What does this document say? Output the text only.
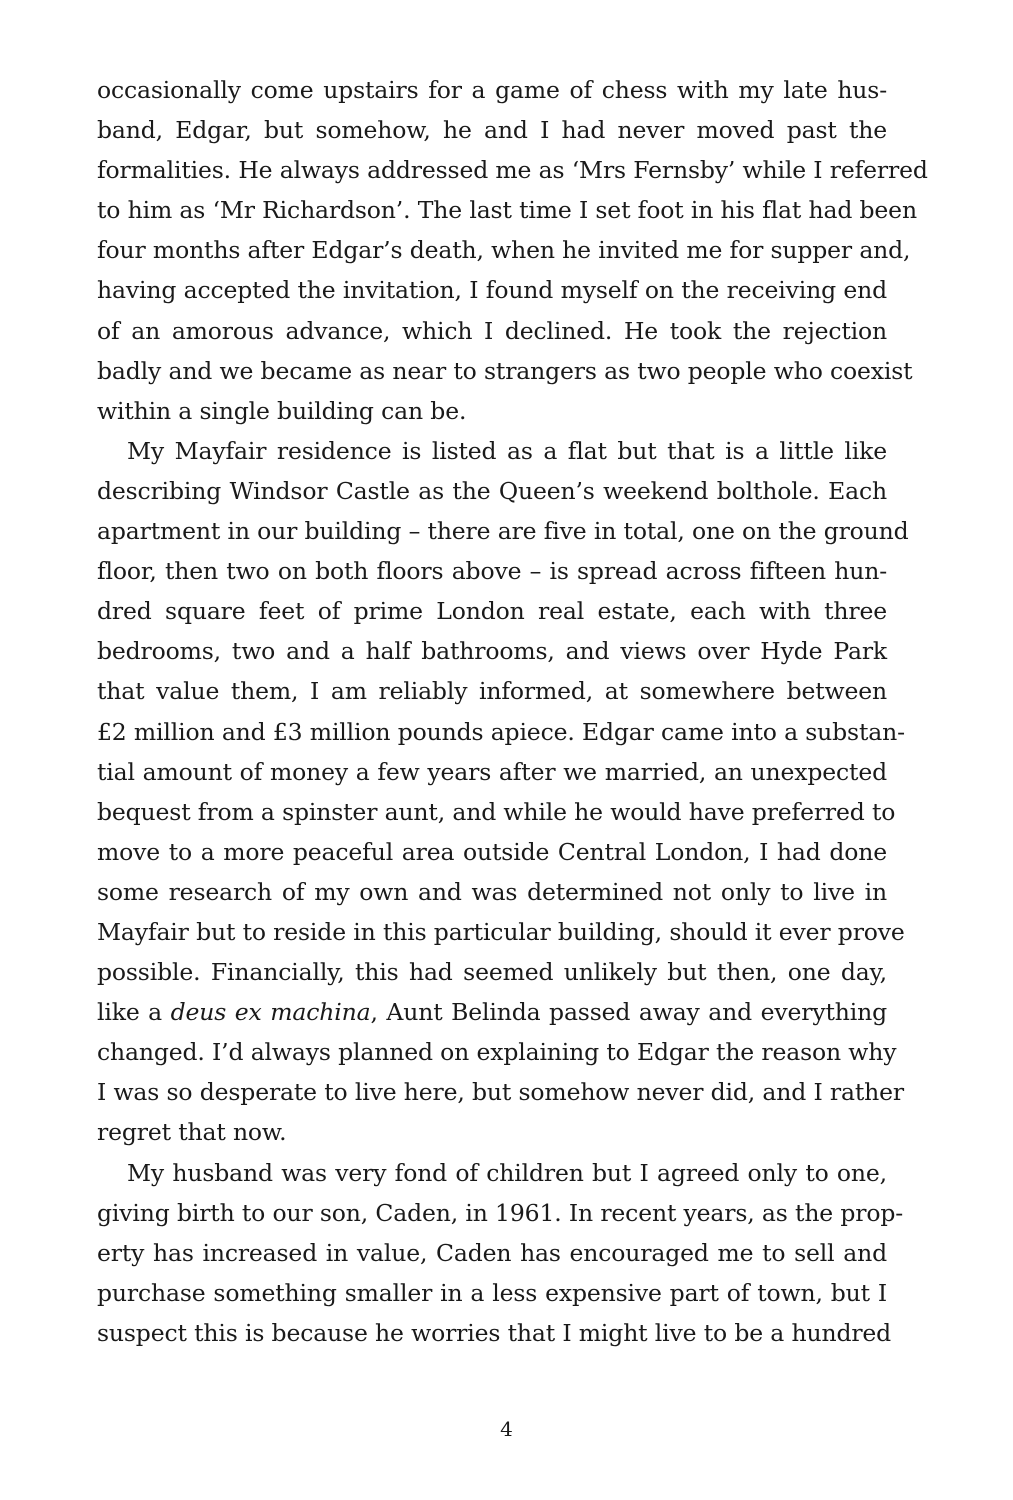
occasionally come upstairs for a game of chess with my late hus-
band, Edgar, but somehow, he and I had never moved past the
formalities. He always addressed me as ‘Mrs Fernsby’ while I referred
to him as ‘Mr Richardson’. The last time I set foot in his flat had been
four months after Edgar’s death, when he invited me for supper and,
having accepted the invitation, I found myself on the receiving end
of an amorous advance, which I declined. He took the rejection
badly and we became as near to strangers as two people who coexist
within a single building can be.
My Mayfair residence is listed as a flat but that is a little like
describing Windsor Castle as the Queen’s weekend bolthole. Each
apartment in our building – there are five in total, one on the ground
floor, then two on both floors above – is spread across fifteen hun-
dred square feet of prime London real estate, each with three
bedrooms, two and a half bathrooms, and views over Hyde Park
that value them, I am reliably informed, at somewhere between
£2 million and £3 million pounds apiece. Edgar came into a substan-
tial amount of money a few years after we married, an unexpected
bequest from a spinster aunt, and while he would have preferred to
move to a more peaceful area outside Central London, I had done
some research of my own and was determined not only to live in
Mayfair but to reside in this particular building, should it ever prove
possible. Financially, this had seemed unlikely but then, one day,
like a deus ex machina, Aunt Belinda passed away and everything
changed. I’d always planned on explaining to Edgar the reason why
I was so desperate to live here, but somehow never did, and I rather
regret that now.
My husband was very fond of children but I agreed only to one,
giving birth to our son, Caden, in 1961. In recent years, as the prop-
erty has increased in value, Caden has encouraged me to sell and
purchase something smaller in a less expensive part of town, but I
suspect this is because he worries that I might live to be a hundred
4
